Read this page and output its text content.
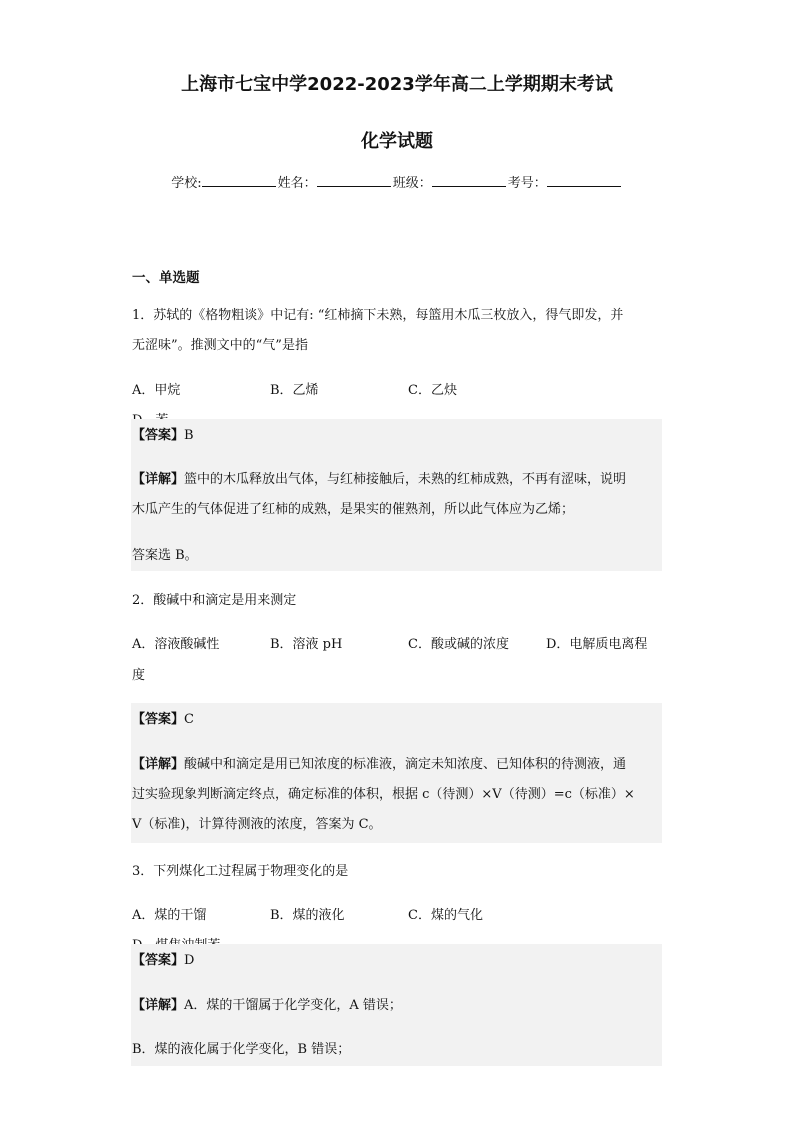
上海市七宝中学2022-2023学年高二上学期期末考试
化学试题
学校:	姓名：	班级：	考号：
一、单选题
1．苏轼的《格物粗谈》中记有: “红柿摘下未熟，每篮用木瓜三枚放入，得气即发，并
无涩味”。推测文中的“气”是指
A．甲烷	B．乙烯	C．乙炔
【答案】B
【详解】篮中的木瓜释放出气体，与红柿接触后，未熟的红柿成熟，不再有涩味，说明
木瓜产生的气体促进了红柿的成熟，是果实的催熟剂，所以此气体应为乙烯；
答案选 B。
2．酸碱中和滴定是用来测定
A．溶液酸碱性	B．溶液 pH	C．酸或碱的浓度	D．电解质电离程
度
【答案】C
【详解】酸碱中和滴定是用已知浓度的标准液，滴定未知浓度、已知体积的待测液，通
过实验现象判断滴定终点，确定标准的体积，根据 c（待测）×V（待测）=c（标准）×
V（标准)，计算待测液的浓度，答案为 C。
3．下列煤化工过程属于物理变化的是
A．煤的干馏	B．煤的液化	C．煤的气化
【答案】D
【详解】A．煤的干馏属于化学变化，A 错误；
B．煤的液化属于化学变化，B 错误；
